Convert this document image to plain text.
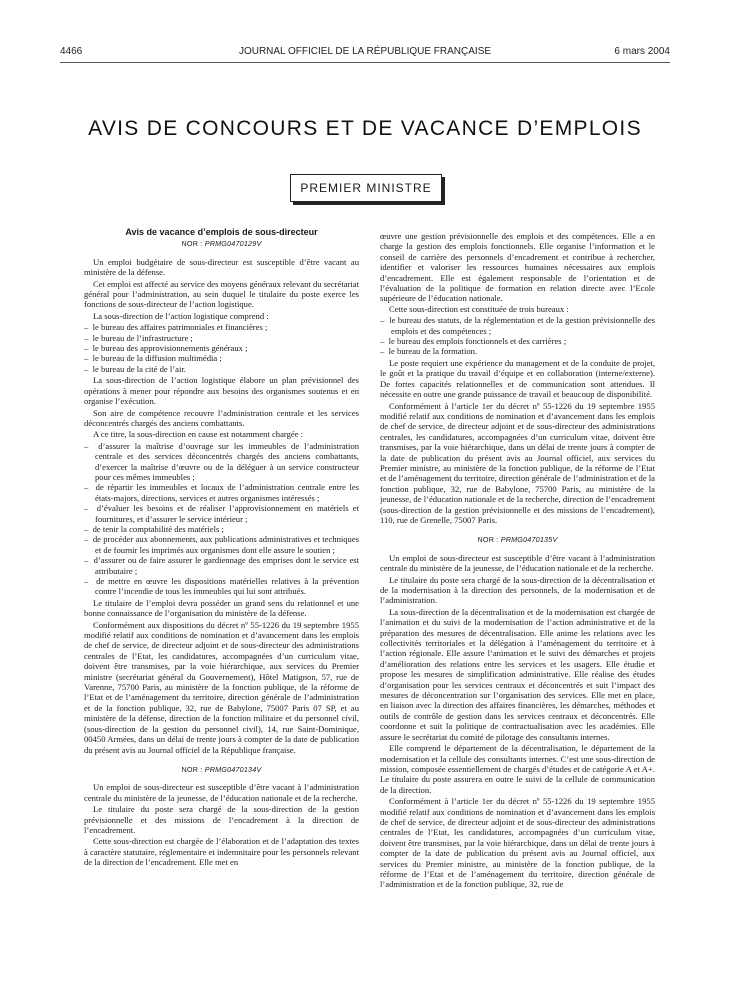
4466	JOURNAL OFFICIEL DE LA RÉPUBLIQUE FRANÇAISE	6 mars 2004
AVIS DE CONCOURS ET DE VACANCE D’EMPLOIS
PREMIER MINISTRE
Avis de vacance d’emplois de sous-directeur
NOR : PRMG0470129V

Un emploi budgétaire de sous-directeur est susceptible d’être vacant au ministère de la défense.

Cet emploi est affecté au service des moyens généraux relevant du secrétariat général pour l’administration, au sein duquel le titulaire du poste exerce les fonctions de sous-directeur de l’action logistique.

La sous-direction de l’action logistique comprend :

–  le bureau des affaires patrimoniales et financières ;
–  le bureau de l’infrastructure ;
–  le bureau des approvisionnements généraux ;
–  le bureau de la diffusion multimédia ;
–  le bureau de la cité de l’air.

La sous-direction de l’action logistique élabore un plan prévisionnel des opérations à mener pour répondre aux besoins des organismes soutenus et en organise l’exécution.

Son aire de compétence recouvre l’administration centrale et les services déconcentrés chargés des anciens combattants.

A ce titre, la sous-direction en cause est notamment chargée :

–  d’assurer la maîtrise d’ouvrage sur les immeubles de l’administration centrale et des services déconcentrés chargés des anciens combattants, d’exercer la maîtrise d’œuvre ou de la déléguer à un service constructeur pour ces mêmes immeubles ;
–  de répartir les immeubles et locaux de l’administration centrale entre les états-majors, directions, services et autres organismes intéressés ;
–  d’évaluer les besoins et de réaliser l’approvisionnement en matériels et fournitures, et d’assurer le service intérieur ;
–  de tenir la comptabilité des matériels ;
–  de procéder aux abonnements, aux publications administratives et techniques et de fournir les imprimés aux organismes dont elle assure le soutien ;
–  d’assurer ou de faire assurer le gardiennage des emprises dont le service est attributaire ;
–  de mettre en œuvre les dispositions matérielles relatives à la prévention contre l’incendie de tous les immeubles qui lui sont attribués.

Le titulaire de l’emploi devra posséder un grand sens du relationnel et une bonne connaissance de l’organisation du ministère de la défense.

Conformément aux dispositions du décret nº 55-1226 du 19 septembre 1955 modifié relatif aux conditions de nomination et d’avancement dans les emplois de chef de service, de directeur adjoint et de sous-directeur des administrations centrales de l’Etat, les candidatures, accompagnées d’un curriculum vitae, doivent être transmises, par la voie hiérarchique, aux services du Premier ministre (secrétariat général du Gouvernement), Hôtel Matignon, 57, rue de Varenne, 75700 Paris, au ministère de la fonction publique, de la réforme de l’Etat et de l’aménagement du territoire, direction générale de l’administration et de la fonction publique, 32, rue de Babylone, 75007 Paris 07 SP, et au ministère de la défense, direction de la fonction militaire et du personnel civil, (sous-direction de la gestion du personnel civil), 14, rue Saint-Dominique, 00450 Armées, dans un délai de trente jours à compter de la date de publication du présent avis au Journal officiel de la République française.

NOR : PRMG0470134V

Un emploi de sous-directeur est susceptible d’être vacant à l’administration centrale du ministère de la jeunesse, de l’éducation nationale et de la recherche.

Le titulaire du poste sera chargé de la sous-direction de la gestion prévisionnelle et des missions de l’encadrement à la direction de l’encadrement.

Cette sous-direction est chargée de l’élaboration et de l’adaptation des textes à caractère statutaire, réglementaire et indemnitaire pour les personnels relevant de la direction de l’encadrement. Elle met en

œuvre une gestion prévisionnelle des emplois et des compétences. Elle a en charge la gestion des emplois fonctionnels. Elle organise l’information et le conseil de carrière des personnels d’encadrement et contribue à rechercher, identifier et valoriser les ressources humaines nécessaires aux emplois d’encadrement. Elle est également responsable de l’orientation et de l’évaluation de la politique de formation en relation directe avec l’Ecole supérieure de l’éducation nationale.

Cette sous-direction est constituée de trois bureaux :

–  le bureau des statuts, de la réglementation et de la gestion prévisionnelle des emplois et des compétences ;
–  le bureau des emplois fonctionnels et des carrières ;
–  le bureau de la formation.

Le poste requiert une expérience du management et de la conduite de projet, le goût et la pratique du travail d’équipe et en collaboration (interne/externe). De fortes capacités relationnelles et de communication sont attendues. Il nécessite en outre une grande puissance de travail et beaucoup de disponibilité.

Conformément à l’article 1er du décret nº 55-1226 du 19 septembre 1955 modifié relatif aux conditions de nomination et d’avancement dans les emplois de chef de service, de directeur adjoint et de sous-directeur des administrations centrales, les candidatures, accompagnées d’un curriculum vitae, doivent être transmises, par la voie hiérarchique, dans un délai de trente jours à compter de la date de publication du présent avis au Journal officiel, aux services du Premier ministre, au ministère de la fonction publique, de la réforme de l’Etat et de l’aménagement du territoire, direction générale de l’administration et de la fonction publique, 32, rue de Babylone, 75700 Paris, au ministère de la jeunesse, de l’éducation nationale et de la recherche, direction de l’encadrement (sous-direction de la gestion prévisionnelle et des missions de l’encadrement), 110, rue de Grenelle, 75007 Paris.

NOR : PRMG0470135V

Un emploi de sous-directeur est susceptible d’être vacant à l’administration centrale du ministère de la jeunesse, de l’éducation nationale et de la recherche.

Le titulaire du poste sera chargé de la sous-direction de la décentralisation et de la modernisation à la direction des personnels, de la modernisation et de l’administration.

La sous-direction de la décentralisation et de la modernisation est chargée de l’animation et du suivi de la modernisation de l’action administrative et de la préparation des mesures de décentralisation. Elle anime les relations avec les collectivités territoriales et la délégation à l’aménagement du territoire et à l’action régionale. Elle assure l’animation et le suivi des démarches et projets d’amélioration des relations entre les services et les usagers. Elle étudie et propose les mesures de simplification administrative. Elle réalise des études d’organisation pour les services centraux et déconcentrés et suit l’impact des mesures de déconcentration sur l’organisation des services. Elle met en place, en liaison avec la direction des affaires financières, les démarches, méthodes et outils de contrôle de gestion dans les services centraux et déconcentrés. Elle coordonne et suit la politique de contractualisation avec les académies. Elle assure le secrétariat du comité de pilotage des consultants internes.

Elle comprend le département de la décentralisation, le département de la modernisation et la cellule des consultants internes. C’est une sous-direction de mission, composée essentiellement de chargés d’études et de catégorie A et A+. Le titulaire du poste assurera en outre le suivi de la cellule de communication de la direction.

Conformément à l’article 1er du décret nº 55-1226 du 19 septembre 1955 modifié relatif aux conditions de nomination et d’avancement dans les emplois de chef de service, de directeur adjoint et de sous-directeur des administrations centrales de l’Etat, les candidatures, accompagnées d’un curriculum vitae, doivent être transmises, par la voie hiérarchique, dans un délai de trente jours à compter de la date de publication du présent avis au Journal officiel, aux services du Premier ministre, au ministère de la fonction publique, de la réforme de l’Etat et de l’aménagement du territoire, direction générale de l’administration et de la fonction publique, 32, rue de
